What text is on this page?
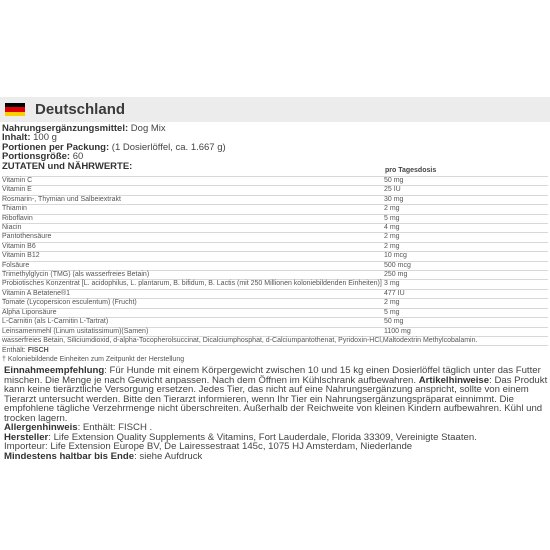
Deutschland
Nahrungsergänzungsmittel: Dog Mix
Inhalt: 100 g
Portionen per Packung: (1 Dosierlöffel, ca. 1.667 g)
Portionsgröße: 60
ZUTATEN und NÄHRWERTE:
		pro Tagesdosis
Vitamin C	50 mg
Vitamin E	25 IU
Rosmarin-, Thymian und Salbeiextrakt	30 mg
Thiamin	2 mg
Riboflavin	5 mg
Niacin	4 mg
Pantothensäure	2 mg
Vitamin B6	2 mg
Vitamin B12	10 mcg
Folsäure	500 mcg
Trimethylglycin (TMG) (als wasserfreies Betain)	250 mg
Probiotisches Konzentrat [L. acidophilus, L. plantarum, B. bifidum, B. Lactis (mit 250 Millionen koloniebildenden Einheiten)]	3 mg
Vitamin A Betatene®1	477 IU
Tomate (Lycopersicon esculentum) (Frucht)	2 mg
Alpha Liponsäure	5 mg
L-Carnitin (als L-Carnitin L-Tartrat)	50 mg
Leinsamenmehl (Linum usitatissimum)(Samen)	1100 mg
wasserfreies Betain, Siliciumdioxid, d-alpha-Tocopherolsuccinat, Dicalciumphosphat, d-Calciumpantothenat, Pyridoxin-HCl,Maltodextrin Methylcobalamin.	
Enthält: FISCH
† Koloniebildende Einheiten zum Zeitpunkt der Herstellung

Einnahmeempfehlung: Für Hunde mit einem Körpergewicht zwischen 10 und 15 kg einen Dosierlöffel täglich unter das Futter mischen. Die Menge je nach Gewicht anpassen. Nach dem Öffnen im Kühlschrank aufbewahren. Artikelhinweise: Das Produkt kann keine tierärztliche Versorgung ersetzen. Jedes Tier, das nicht auf eine Nahrungsergänzung anspricht, sollte von einem Tierarzt untersucht werden. Bitte den Tierarzt informieren, wenn Ihr Tier ein Nahrungsergänzungspräparat einnimmt. Die empfohlene tägliche Verzehrmenge nicht überschreiten. Außerhalb der Reichweite von kleinen Kindern aufbewahren. Kühl und trocken lagern.

Allergenhinweis: Enthält: FISCH .

Hersteller: Life Extension Quality Supplements & Vitamins, Fort Lauderdale, Florida 33309, Vereinigte Staaten.

Importeur: Life Extension Europe BV, De Lairessestraat 145c, 1075 HJ Amsterdam, Niederlande

Mindestens haltbar bis Ende: siehe Aufdruck
